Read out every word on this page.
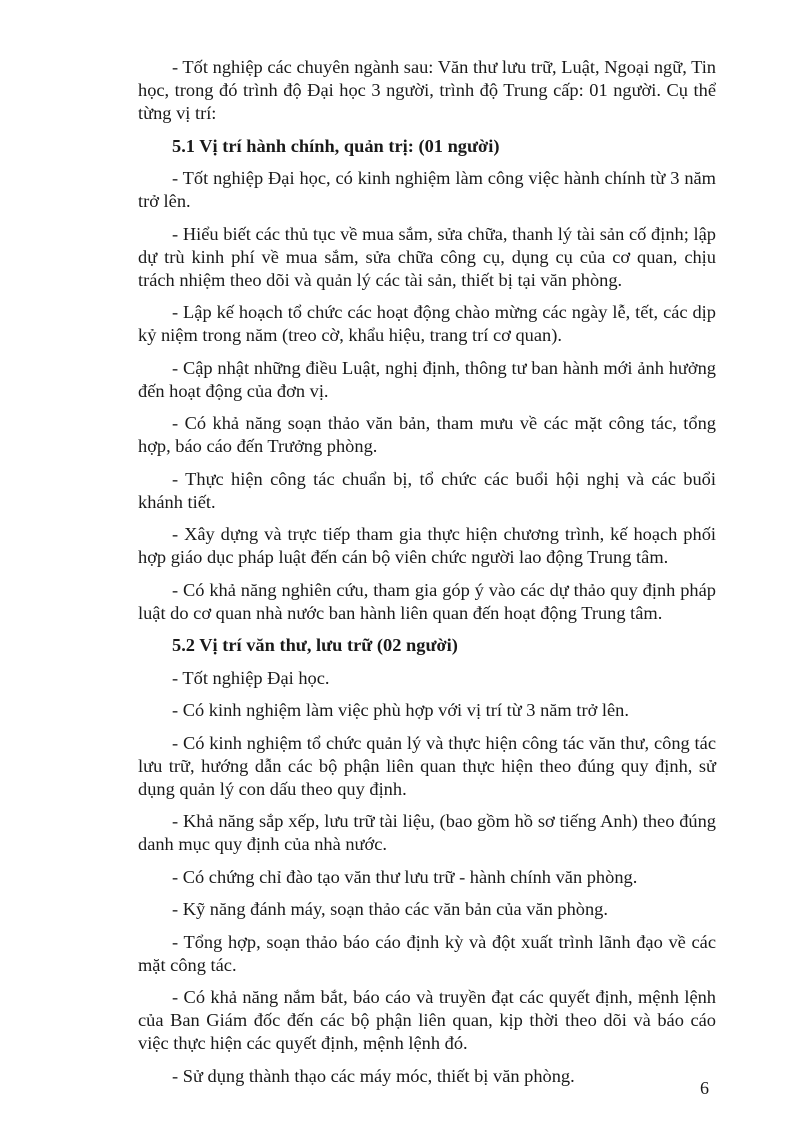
- Tốt nghiệp các chuyên ngành sau: Văn thư lưu trữ, Luật, Ngoại ngữ, Tin học, trong đó trình độ Đại học 3 người, trình độ Trung cấp: 01 người. Cụ thể từng vị trí:

5.1 Vị trí hành chính, quản trị: (01 người)

- Tốt nghiệp Đại học, có kinh nghiệm làm công việc hành chính từ 3 năm trở lên.

- Hiểu biết các thủ tục về mua sắm, sửa chữa, thanh lý tài sản cố định; lập dự trù kinh phí về mua sắm, sửa chữa công cụ, dụng cụ của cơ quan, chịu trách nhiệm theo dõi và quản lý các tài sản, thiết bị tại văn phòng.

- Lập kế hoạch tổ chức các hoạt động chào mừng các ngày lễ, tết, các dịp kỷ niệm trong năm (treo cờ, khẩu hiệu, trang trí cơ quan).

- Cập nhật những điều Luật, nghị định, thông tư ban hành mới ảnh hưởng đến hoạt động của đơn vị.

- Có khả năng soạn thảo văn bản, tham mưu về các mặt công tác, tổng hợp, báo cáo đến Trưởng phòng.

- Thực hiện công tác chuẩn bị, tổ chức các buổi hội nghị và các buổi khánh tiết.

- Xây dựng và trực tiếp tham gia thực hiện chương trình, kế hoạch phối hợp giáo dục pháp luật đến cán bộ viên chức người lao động Trung tâm.

- Có khả năng nghiên cứu, tham gia góp ý vào các dự thảo quy định pháp luật do cơ quan nhà nước ban hành liên quan đến hoạt động Trung tâm.

5.2 Vị trí văn thư, lưu trữ (02 người)

- Tốt nghiệp Đại học.

- Có kinh nghiệm làm việc phù hợp với vị trí từ 3 năm trở lên.

- Có kinh nghiệm tổ chức quản lý và thực hiện công tác văn thư, công tác lưu trữ, hướng dẫn các bộ phận liên quan thực hiện theo đúng quy định, sử dụng quản lý con dấu theo quy định.

- Khả năng sắp xếp, lưu trữ tài liệu, (bao gồm hồ sơ tiếng Anh) theo đúng danh mục quy định của nhà nước.

- Có chứng chỉ đào tạo văn thư lưu trữ - hành chính văn phòng.

- Kỹ năng đánh máy, soạn thảo các văn bản của văn phòng.

- Tổng hợp, soạn thảo báo cáo định kỳ và đột xuất trình lãnh đạo về các mặt công tác.

- Có khả năng nắm bắt, báo cáo và truyền đạt các quyết định, mệnh lệnh của Ban Giám đốc đến các bộ phận liên quan, kịp thời theo dõi và báo cáo việc thực hiện các quyết định, mệnh lệnh đó.

- Sử dụng thành thạo các máy móc, thiết bị văn phòng.

6
